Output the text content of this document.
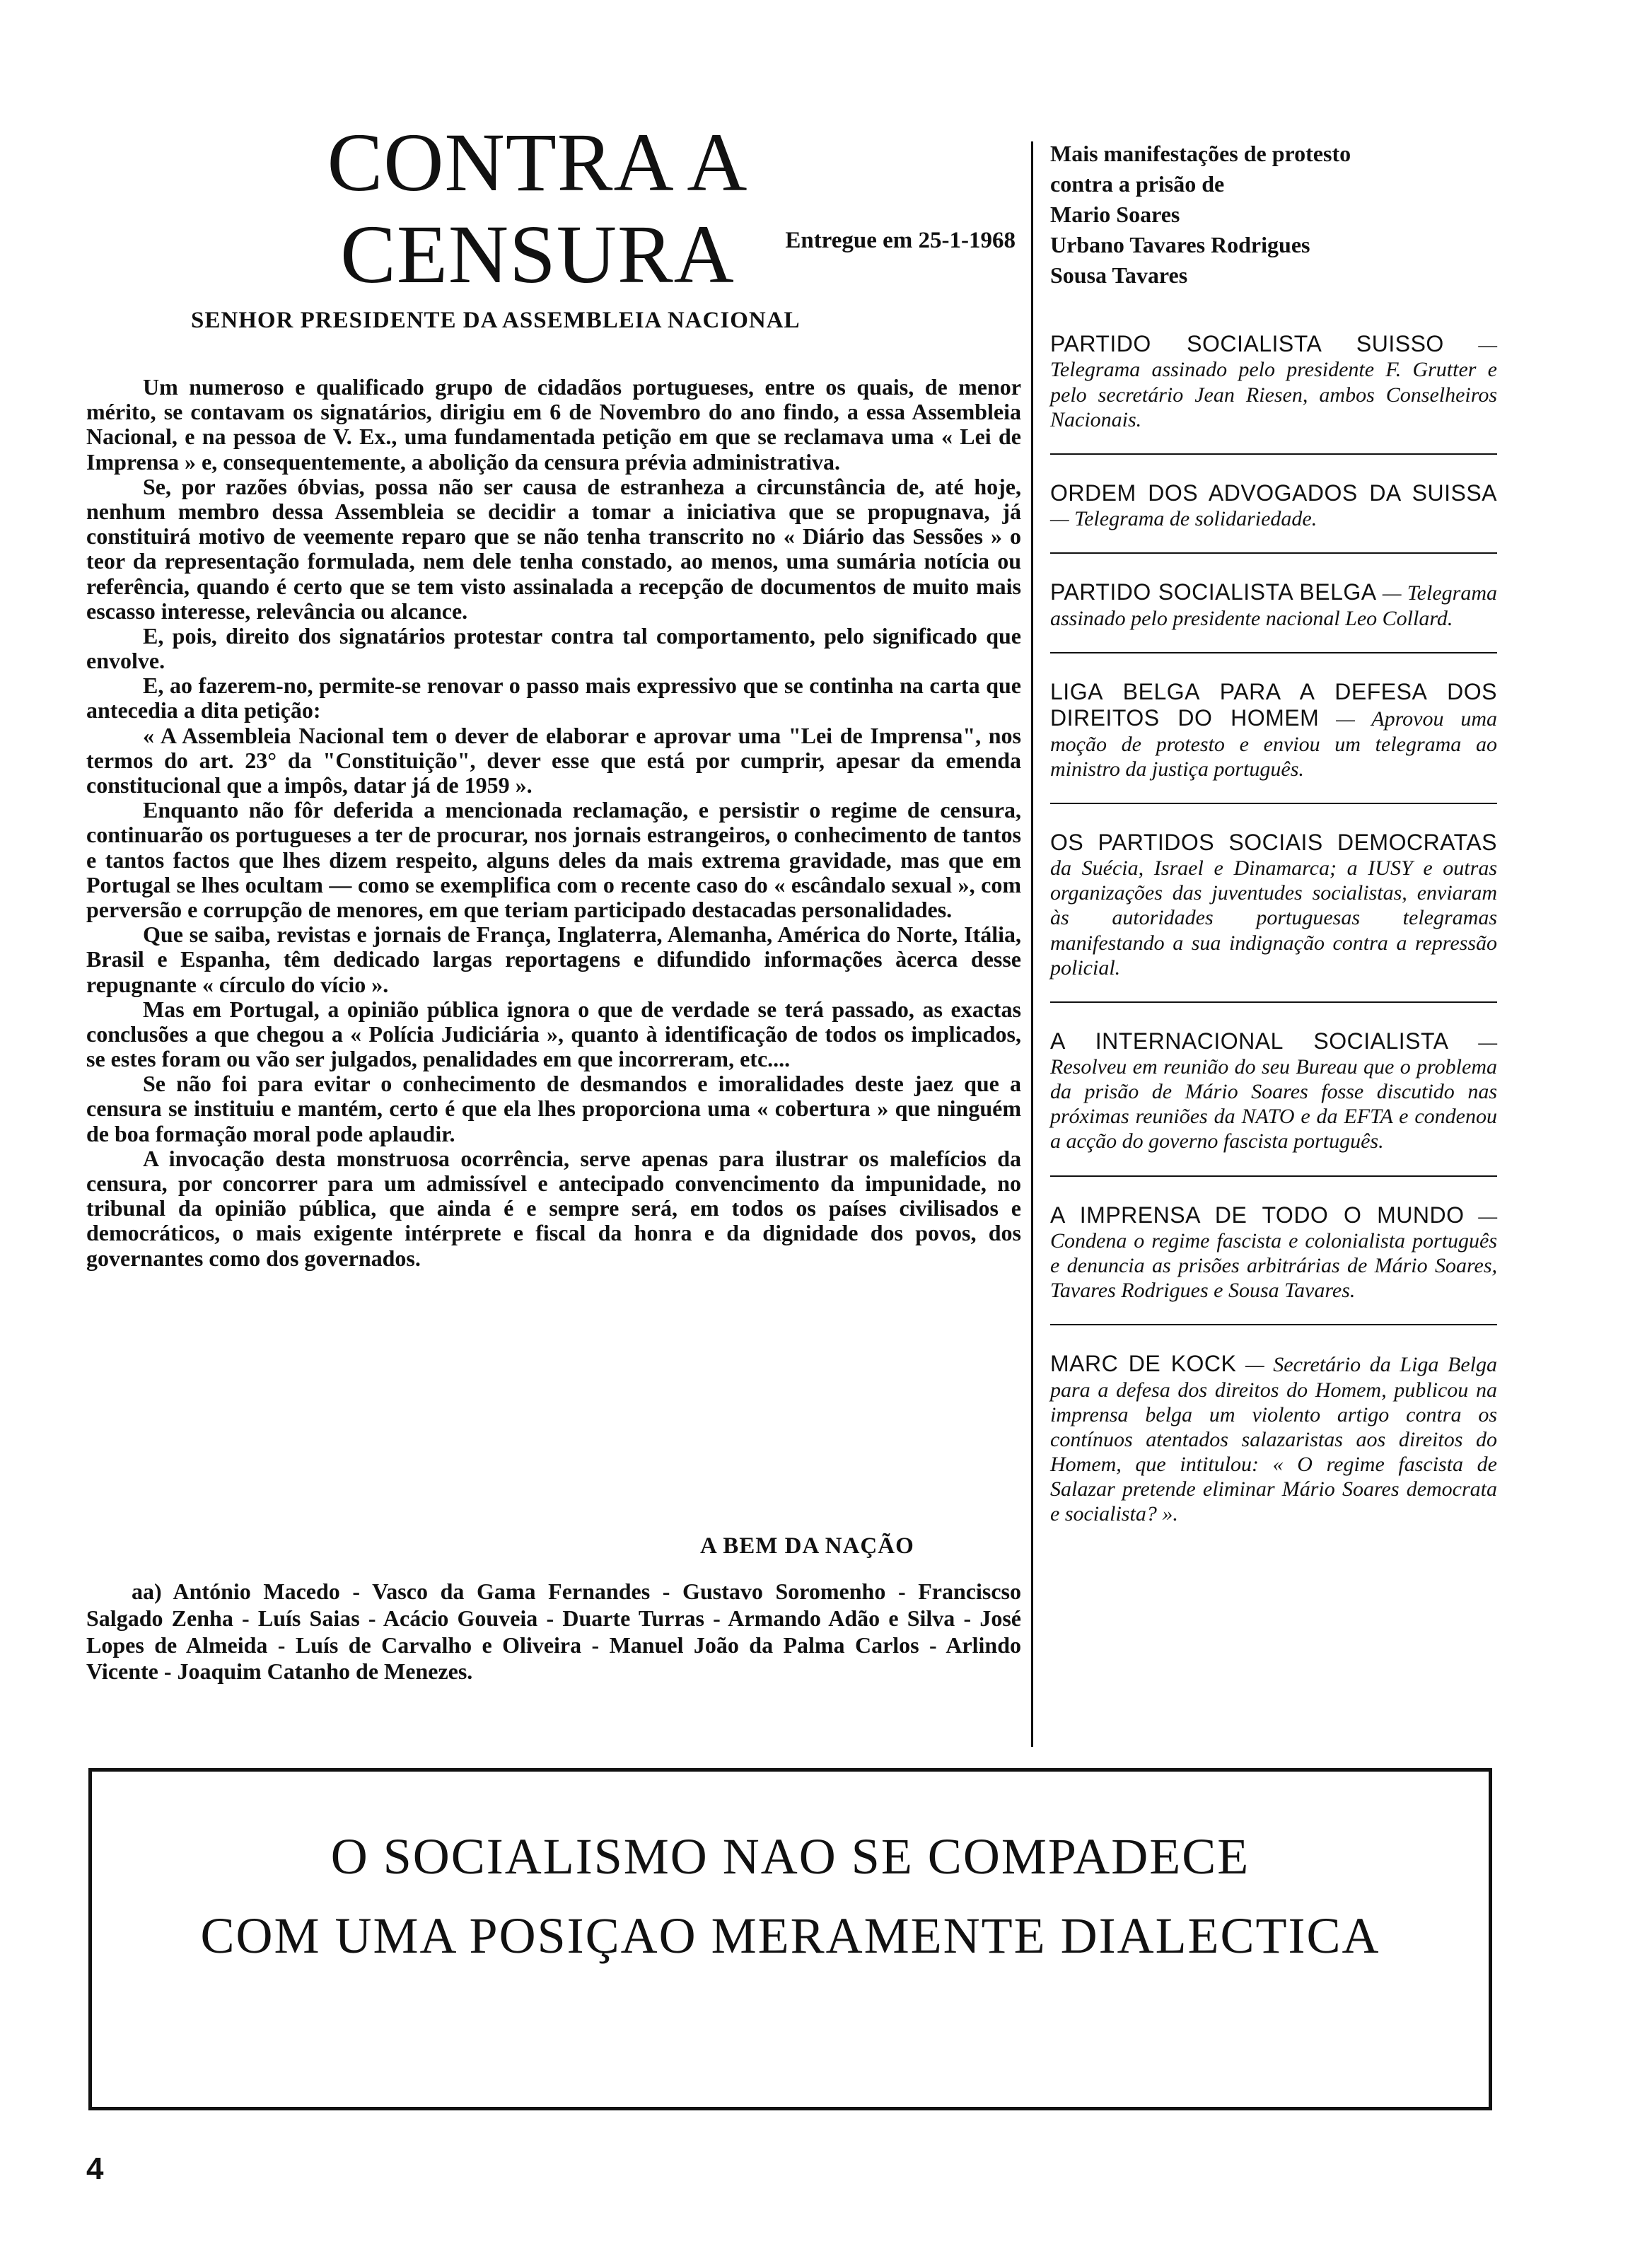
CONTRA A CENSURA	Entregue em 25-1-1968
SENHOR PRESIDENTE DA ASSEMBLEIA NACIONAL

Um numeroso e qualificado grupo de cidadãos portugueses, entre os quais, de menor mérito, se contavam os signatários, dirigiu em 6 de Novembro do ano findo, a essa Assembleia Nacional, e na pessoa de V. Ex., uma fundamentada petição em que se reclamava uma « Lei de Imprensa » e, consequentemente, a abolição da censura prévia administrativa.

Se, por razões óbvias, possa não ser causa de estranheza a circunstância de, até hoje, nenhum membro dessa Assembleia se decidir a tomar a iniciativa que se propugnava, já constituirá motivo de veemente reparo que se não tenha transcrito no « Diário das Sessões » o teor da representação formulada, nem dele tenha constado, ao menos, uma sumária notícia ou referência, quando é certo que se tem visto assinalada a recepção de documentos de muito mais escasso interesse, relevância ou alcance.

E, pois, direito dos signatários protestar contra tal comportamento, pelo significado que envolve.

E, ao fazerem-no, permite-se renovar o passo mais expressivo que se continha na carta que antecedia a dita petição:

« A Assembleia Nacional tem o dever de elaborar e aprovar uma "Lei de Imprensa", nos termos do art. 23° da "Constituição", dever esse que está por cumprir, apesar da emenda constitucional que a impôs, datar já de 1959 ».

Enquanto não fôr deferida a mencionada reclamação, e persistir o regime de censura, continuarão os portugueses a ter de procurar, nos jornais estrangeiros, o conhecimento de tantos e tantos factos que lhes dizem respeito, alguns deles da mais extrema gravidade, mas que em Portugal se lhes ocultam — como se exemplifica com o recente caso do « escândalo sexual », com perversão e corrupção de menores, em que teriam participado destacadas personalidades.

Que se saiba, revistas e jornais de França, Inglaterra, Alemanha, América do Norte, Itália, Brasil e Espanha, têm dedicado largas reportagens e difundido informações àcerca desse repugnante « círculo do vício ».

Mas em Portugal, a opinião pública ignora o que de verdade se terá passado, as exactas conclusões a que chegou a « Polícia Judiciária », quanto à identificação de todos os implicados, se estes foram ou vão ser julgados, penalidades em que incorreram, etc....

Se não foi para evitar o conhecimento de desmandos e imoralidades deste jaez que a censura se instituiu e mantém, certo é que ela lhes proporciona uma « cobertura » que ninguém de boa formação moral pode aplaudir.

A invocação desta monstruosa ocorrência, serve apenas para ilustrar os malefícios da censura, por concorrer para um admissível e antecipado convencimento da impunidade, no tribunal da opinião pública, que ainda é e sempre será, em todos os países civilisados e democráticos, o mais exigente intérprete e fiscal da honra e da dignidade dos povos, dos governantes como dos governados.

A BEM DA NAÇÃO

aa) António Macedo - Vasco da Gama Fernandes - Gustavo Soromenho - Franciscso Salgado Zenha - Luís Saias - Acácio Gouveia - Duarte Turras - Armando Adão e Silva - José Lopes de Almeida - Luís de Carvalho e Oliveira - Manuel João da Palma Carlos - Arlindo Vicente - Joaquim Catanho de Menezes.

Mais manifestações de protesto
contra a prisão de
Mario Soares
Urbano Tavares Rodrigues
Sousa Tavares
PARTIDO SOCIALISTA SUISSO — Telegrama assinado pelo presidente F. Grutter e pelo secretário Jean Riesen, ambos Conselheiros Nacionais.
ORDEM DOS ADVOGADOS DA SUISSA — Telegrama de solidariedade.
PARTIDO SOCIALISTA BELGA — Telegrama assinado pelo presidente nacional Leo Collard.
LIGA BELGA PARA A DEFESA DOS DIREITOS DO HOMEM — Aprovou uma moção de protesto e enviou um telegrama ao ministro da justiça português.
OS PARTIDOS SOCIAIS DEMOCRATAS da Suécia, Israel e Dinamarca; a IUSY e outras organizações das juventudes socialistas, enviaram às autoridades portuguesas telegramas manifestando a sua indignação contra a repressão policial.
A INTERNACIONAL SOCIALISTA — Resolveu em reunião do seu Bureau que o problema da prisão de Mário Soares fosse discutido nas próximas reuniões da NATO e da EFTA e condenou a acção do governo fascista português.
A IMPRENSA DE TODO O MUNDO — Condena o regime fascista e colonialista português e denuncia as prisões arbitrárias de Mário Soares, Tavares Rodrigues e Sousa Tavares.
MARC DE KOCK — Secretário da Liga Belga para a defesa dos direitos do Homem, publicou na imprensa belga um violento artigo contra os contínuos atentados salazaristas aos direitos do Homem, que intitulou: « O regime fascista de Salazar pretende eliminar Mário Soares democrata e socialista? ».
O SOCIALISMO NAO SE COMPADECE
COM UMA POSIÇAO MERAMENTE DIALECTICA
4
